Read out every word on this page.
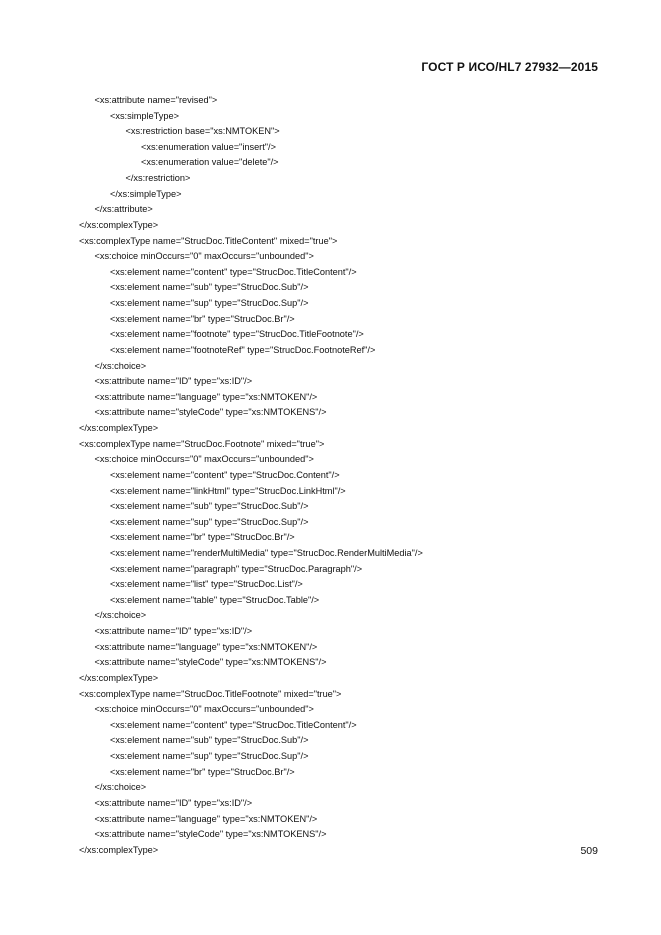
ГОСТ Р ИСО/HL7 27932—2015
<xs:attribute name="revised">
<xs:simpleType>
<xs:restriction base="xs:NMTOKEN">
<xs:enumeration value="insert"/>
<xs:enumeration value="delete"/>
</xs:restriction>
</xs:simpleType>
</xs:attribute>
</xs:complexType>
<xs:complexType name="StrucDoc.TitleContent" mixed="true">
<xs:choice minOccurs="0" maxOccurs="unbounded">
<xs:element name="content" type="StrucDoc.TitleContent"/>
<xs:element name="sub" type="StrucDoc.Sub"/>
<xs:element name="sup" type="StrucDoc.Sup"/>
<xs:element name="br" type="StrucDoc.Br"/>
<xs:element name="footnote" type="StrucDoc.TitleFootnote"/>
<xs:element name="footnoteRef" type="StrucDoc.FootnoteRef"/>
</xs:choice>
<xs:attribute name="ID" type="xs:ID"/>
<xs:attribute name="language" type="xs:NMTOKEN"/>
<xs:attribute name="styleCode" type="xs:NMTOKENS"/>
</xs:complexType>
<xs:complexType name="StrucDoc.Footnote" mixed="true">
<xs:choice minOccurs="0" maxOccurs="unbounded">
<xs:element name="content" type="StrucDoc.Content"/>
<xs:element name="linkHtml" type="StrucDoc.LinkHtml"/>
<xs:element name="sub" type="StrucDoc.Sub"/>
<xs:element name="sup" type="StrucDoc.Sup"/>
<xs:element name="br" type="StrucDoc.Br"/>
<xs:element name="renderMultiMedia" type="StrucDoc.RenderMultiMedia"/>
<xs:element name="paragraph" type="StrucDoc.Paragraph"/>
<xs:element name="list" type="StrucDoc.List"/>
<xs:element name="table" type="StrucDoc.Table"/>
</xs:choice>
<xs:attribute name="ID" type="xs:ID"/>
<xs:attribute name="language" type="xs:NMTOKEN"/>
<xs:attribute name="styleCode" type="xs:NMTOKENS"/>
</xs:complexType>
<xs:complexType name="StrucDoc.TitleFootnote" mixed="true">
<xs:choice minOccurs="0" maxOccurs="unbounded">
<xs:element name="content" type="StrucDoc.TitleContent"/>
<xs:element name="sub" type="StrucDoc.Sub"/>
<xs:element name="sup" type="StrucDoc.Sup"/>
<xs:element name="br" type="StrucDoc.Br"/>
</xs:choice>
<xs:attribute name="ID" type="xs:ID"/>
<xs:attribute name="language" type="xs:NMTOKEN"/>
<xs:attribute name="styleCode" type="xs:NMTOKENS"/>
</xs:complexType>	509
